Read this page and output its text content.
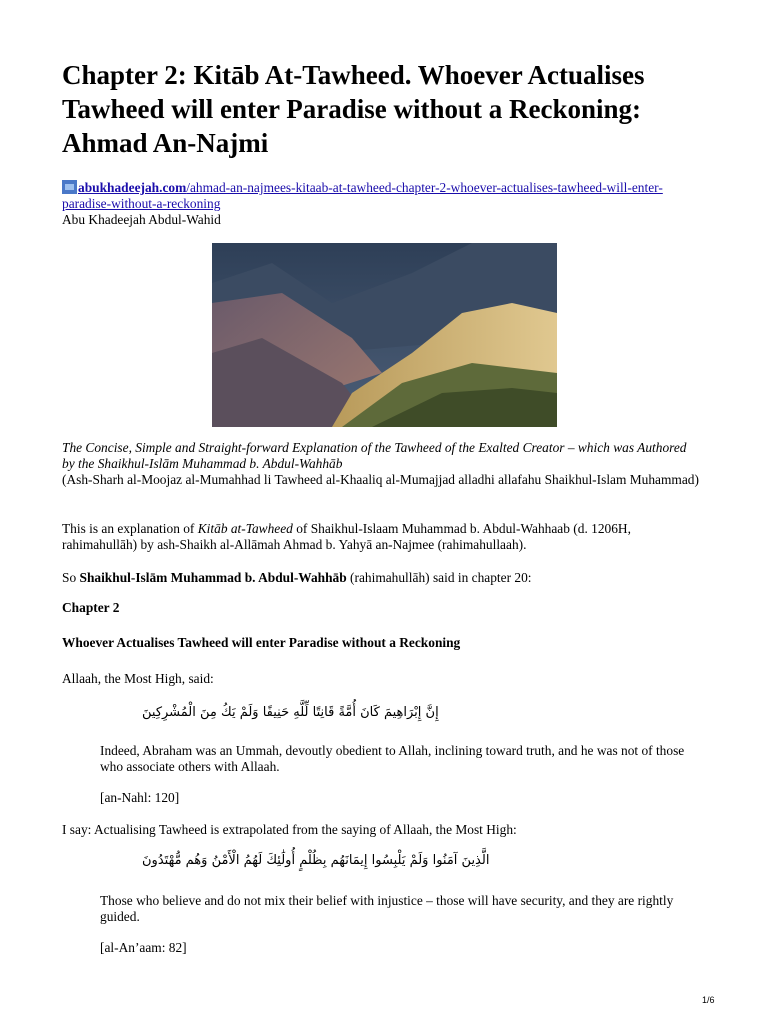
Chapter 2: Kitāb At-Tawheed. Whoever Actualises Tawheed will enter Paradise without a Reckoning: Ahmad An-Najmi
abukhadeejah.com/ahmad-an-najmees-kitaab-at-tawheed-chapter-2-whoever-actualises-tawheed-will-enter-paradise-without-a-reckoning
Abu Khadeejah Abdul-Wahid

The Concise, Simple and Straight-forward Explanation of the Tawheed of the Exalted Creator – which was Authored by the Shaikhul-Islām Muhammad b. Abdul-Wahhāb
(Ash-Sharh al-Moojaz al-Mumahhad li Tawheed al-Khaaliq al-Mumajjad alladhi allafahu Shaikhul-Islam Muhammad)

This is an explanation of Kitāb at-Tawheed of Shaikhul-Islaam Muhammad b. Abdul-Wahhaab (d. 1206H, rahimahullāh) by ash-Shaikh al-Allāmah Ahmad b. Yahyā an-Najmee (rahimahullaah).

So Shaikhul-Islām Muhammad b. Abdul-Wahhāb (rahimahullāh) said in chapter 20:

Chapter 2

Whoever Actualises Tawheed will enter Paradise without a Reckoning

Allaah, the Most High, said:

إِنَّ إِبْرَاهِيمَ كَانَ أُمَّةً قَانِتًا لِّلَّهِ حَنِيفًا وَلَمْ يَكُ مِنَ الْمُشْرِكِينَ

Indeed, Abraham was an Ummah, devoutly obedient to Allah, inclining toward truth, and he was not of those who associate others with Allaah.

[an-Nahl: 120]

I say: Actualising Tawheed is extrapolated from the saying of Allaah, the Most High:

الَّذِينَ آمَنُوا وَلَمْ يَلْبِسُوا إِيمَانَهُم بِظُلْمٍ أُولَٰئِكَ لَهُمُ الْأَمْنُ وَهُم مُّهْتَدُونَ

Those who believe and do not mix their belief with injustice – those will have security, and they are rightly guided.

[al-An’aam: 82]

1/6
